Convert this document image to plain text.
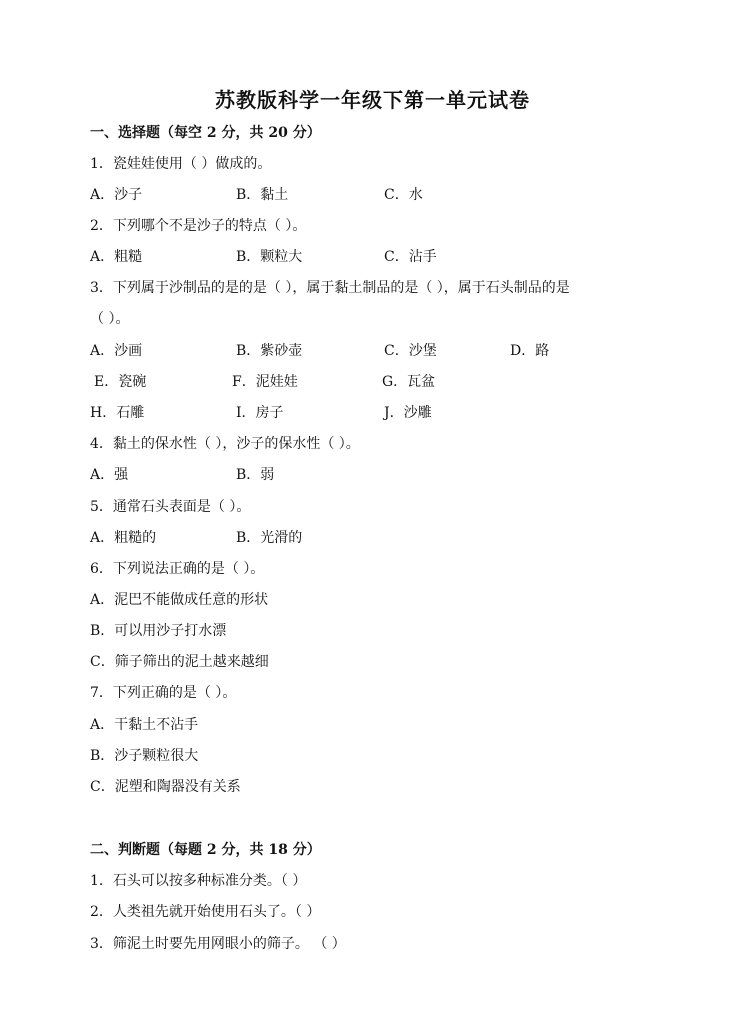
苏教版科学一年级下第一单元试卷
一、选择题（每空 2 分，共 20 分）
1．瓷娃娃使用（ ）做成的。
A．沙子	B．黏土	C．水
2．下列哪个不是沙子的特点（ ）。
A．粗糙	B．颗粒大	C．沾手
3．下列属于沙制品的是的是（ ），属于黏土制品的是（ ），属于石头制品的是
（ ）。
A．沙画	B．紫砂壶	C．沙堡	D．路
E．瓷碗	F．泥娃娃	G．瓦盆
H．石雕	I．房子	J．沙雕
4．黏土的保水性（ ），沙子的保水性（ ）。
A．强	B．弱
5．通常石头表面是（ ）。
A．粗糙的	B．光滑的
6．下列说法正确的是（ ）。
A．泥巴不能做成任意的形状
B．可以用沙子打水漂
C．筛子筛出的泥土越来越细
7．下列正确的是（ ）。
A．干黏土不沾手
B．沙子颗粒很大
C．泥塑和陶器没有关系
二、判断题（每题 2 分，共 18 分）
1．石头可以按多种标准分类。（ ）
2．人类祖先就开始使用石头了。（ ）
3．筛泥土时要先用网眼小的筛子。 （ ）
